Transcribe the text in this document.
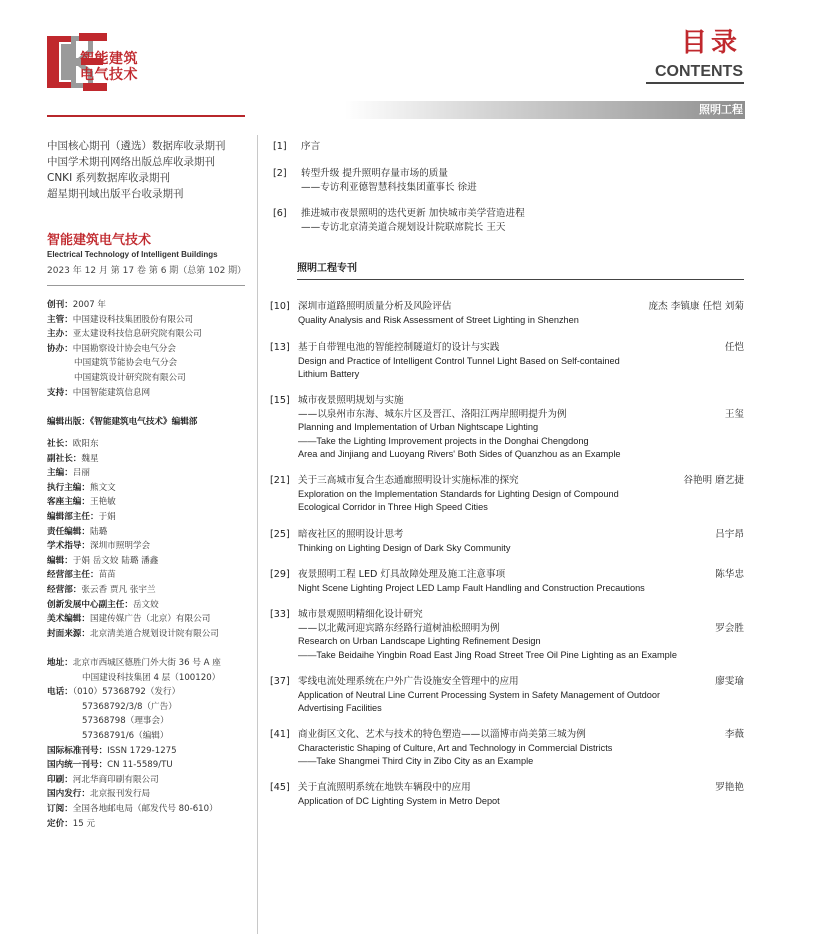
智能建筑
电气技术
目录
CONTENTS
照明工程
中国核心期刊（遴选）数据库收录期刊
中国学术期刊网络出版总库收录期刊
CNKI 系列数据库收录期刊
超星期刊域出版平台收录期刊
智能建筑电气技术
Electrical Technology of Intelligent Buildings
2023 年 12 月 第 17 卷 第 6 期（总第 102 期）
创刊：2007 年
主管：中国建设科技集团股份有限公司
主办：亚太建设科技信息研究院有限公司
协办：中国勘察设计协会电气分会
中国建筑节能协会电气分会
中国建筑设计研究院有限公司
支持：中国智能建筑信息网
编辑出版：《智能建筑电气技术》编辑部
社长：欧阳东
副社长：魏星
主编：吕丽
执行主编：熊文文
客座主编：王艳敏
编辑部主任：于娟
责任编辑：陆璐
学术指导：深圳市照明学会
编辑：于娟 岳文姣 陆璐 潘鑫
经营部主任：苗苗
经营部：张云香 贾凡 张宇兰
创新发展中心副主任：岳文姣
美术编辑：国建传媒广告（北京）有限公司
封面来源：北京清美道合规划设计院有限公司
地址：北京市西城区德胜门外大街 36 号 A 座
中国建设科技集团 4 层（100120）
电话：（010）57368792（发行）
57368792/3/8（广告）
57368798（理事会）
57368791/6（编辑）
国际标准刊号：ISSN 1729-1275
国内统一刊号：CN 11-5589/TU
印刷：河北华商印刷有限公司
国内发行：北京报刊发行局
订阅：全国各地邮电局（邮发代号 80-610）
定价：15 元
[1] 序言
[2] 转型升级 提升照明存量市场的质量
——专访利亚德智慧科技集团董事长 徐进
[6] 推进城市夜景照明的迭代更新 加快城市美学营造进程
——专访北京清美道合规划设计院联席院长 王天
照明工程专刊
[10] 深圳市道路照明质量分析及风险评估
Quality Analysis and Risk Assessment of Street Lighting in Shenzhen
庞杰 李镇康 任恺 刘菊
[13] 基于自带锂电池的智能控制隧道灯的设计与实践
Design and Practice of Intelligent Control Tunnel Light Based on Self-contained
Lithium Battery
任恺
[15] 城市夜景照明规划与实施
——以泉州市东海、城东片区及晋江、洛阳江两岸照明提升为例
Planning and Implementation of Urban Nightscape Lighting
——Take the Lighting Improvement projects in the Donghai Chengdong
Area and Jinjiang and Luoyang Rivers' Both Sides of Quanzhou as an Example
王玺
[21] 关于三高城市复合生态通廊照明设计实施标准的探究
Exploration on the Implementation Standards for Lighting Design of Compound
Ecological Corridor in Three High Speed Cities
谷艳明 磨艺捷
[25] 暗夜社区的照明设计思考
Thinking on Lighting Design of Dark Sky Community
吕宇昂
[29] 夜景照明工程 LED 灯具故障处理及施工注意事项
Night Scene Lighting Project LED Lamp Fault Handling and Construction Precautions
陈华忠
[33] 城市景观照明精细化设计研究
——以北戴河迎宾路东经路行道树油松照明为例
Research on Urban Landscape Lighting Refinement Design
——Take Beidaihe Yingbin Road East Jing Road Street Tree Oil Pine Lighting as an Example
罗会胜
[37] 零线电流处理系统在户外广告设施安全管理中的应用
Application of Neutral Line Current Processing System in Safety Management of Outdoor
Advertising Facilities
廖雯瑜
[41] 商业街区文化、艺术与技术的特色塑造——以淄博市尚美第三城为例
Characteristic Shaping of Culture, Art and Technology in Commercial Districts
——Take Shangmei Third City in Zibo City as an Example
李薇
[45] 关于直流照明系统在地铁车辆段中的应用
Application of DC Lighting System in Metro Depot
罗艳艳
